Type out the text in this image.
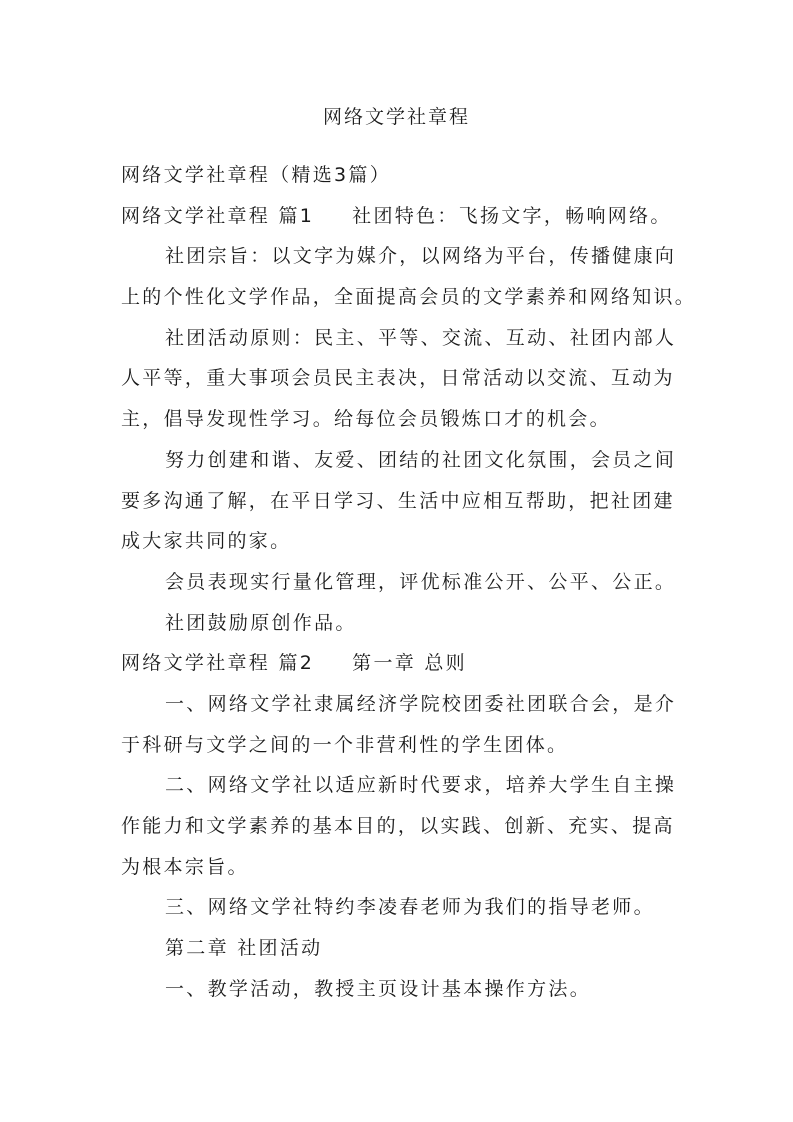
网络文学社章程
网络文学社章程（精选3篇）
网络文学社章程 篇1 社团特色：飞扬文字，畅响网络。
社团宗旨：以文字为媒介，以网络为平台，传播健康向
上的个性化文学作品，全面提高会员的文学素养和网络知识。
社团活动原则：民主、平等、交流、互动、社团内部人
人平等，重大事项会员民主表决，日常活动以交流、互动为
主，倡导发现性学习。给每位会员锻炼口才的机会。
努力创建和谐、友爱、团结的社团文化氛围，会员之间
要多沟通了解，在平日学习、生活中应相互帮助，把社团建
成大家共同的家。
会员表现实行量化管理，评优标准公开、公平、公正。
社团鼓励原创作品。
网络文学社章程 篇2 第一章 总则
一、网络文学社隶属经济学院校团委社团联合会，是介
于科研与文学之间的一个非营利性的学生团体。
二、网络文学社以适应新时代要求，培养大学生自主操
作能力和文学素养的基本目的，以实践、创新、充实、提高
为根本宗旨。
三、网络文学社特约李凌春老师为我们的指导老师。
第二章 社团活动
一、教学活动，教授主页设计基本操作方法。
